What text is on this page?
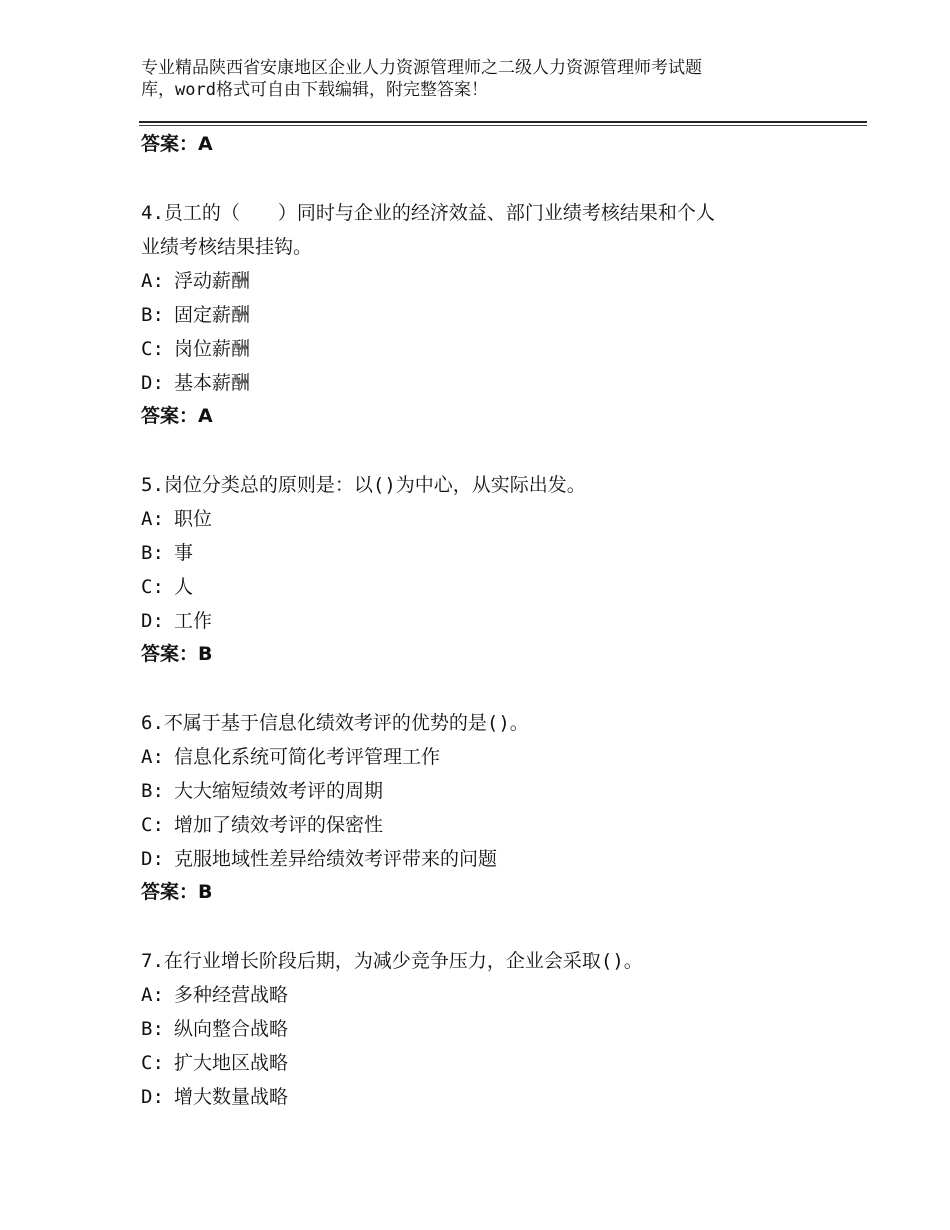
专业精品陕西省安康地区企业人力资源管理师之二级人力资源管理师考试题
库，word格式可自由下载编辑，附完整答案！
答案：A
4.员工的（　　）同时与企业的经济效益、部门业绩考核结果和个人
业绩考核结果挂钩。
A: 浮动薪酬
B: 固定薪酬
C: 岗位薪酬
D: 基本薪酬
答案：A
5.岗位分类总的原则是：以()为中心，从实际出发。
A: 职位
B: 事
C: 人
D: 工作
答案：B
6.不属于基于信息化绩效考评的优势的是()。
A: 信息化系统可简化考评管理工作
B: 大大缩短绩效考评的周期
C: 增加了绩效考评的保密性
D: 克服地域性差异给绩效考评带来的问题
答案：B
7.在行业增长阶段后期，为减少竞争压力，企业会采取()。
A: 多种经营战略
B: 纵向整合战略
C: 扩大地区战略
D: 增大数量战略
